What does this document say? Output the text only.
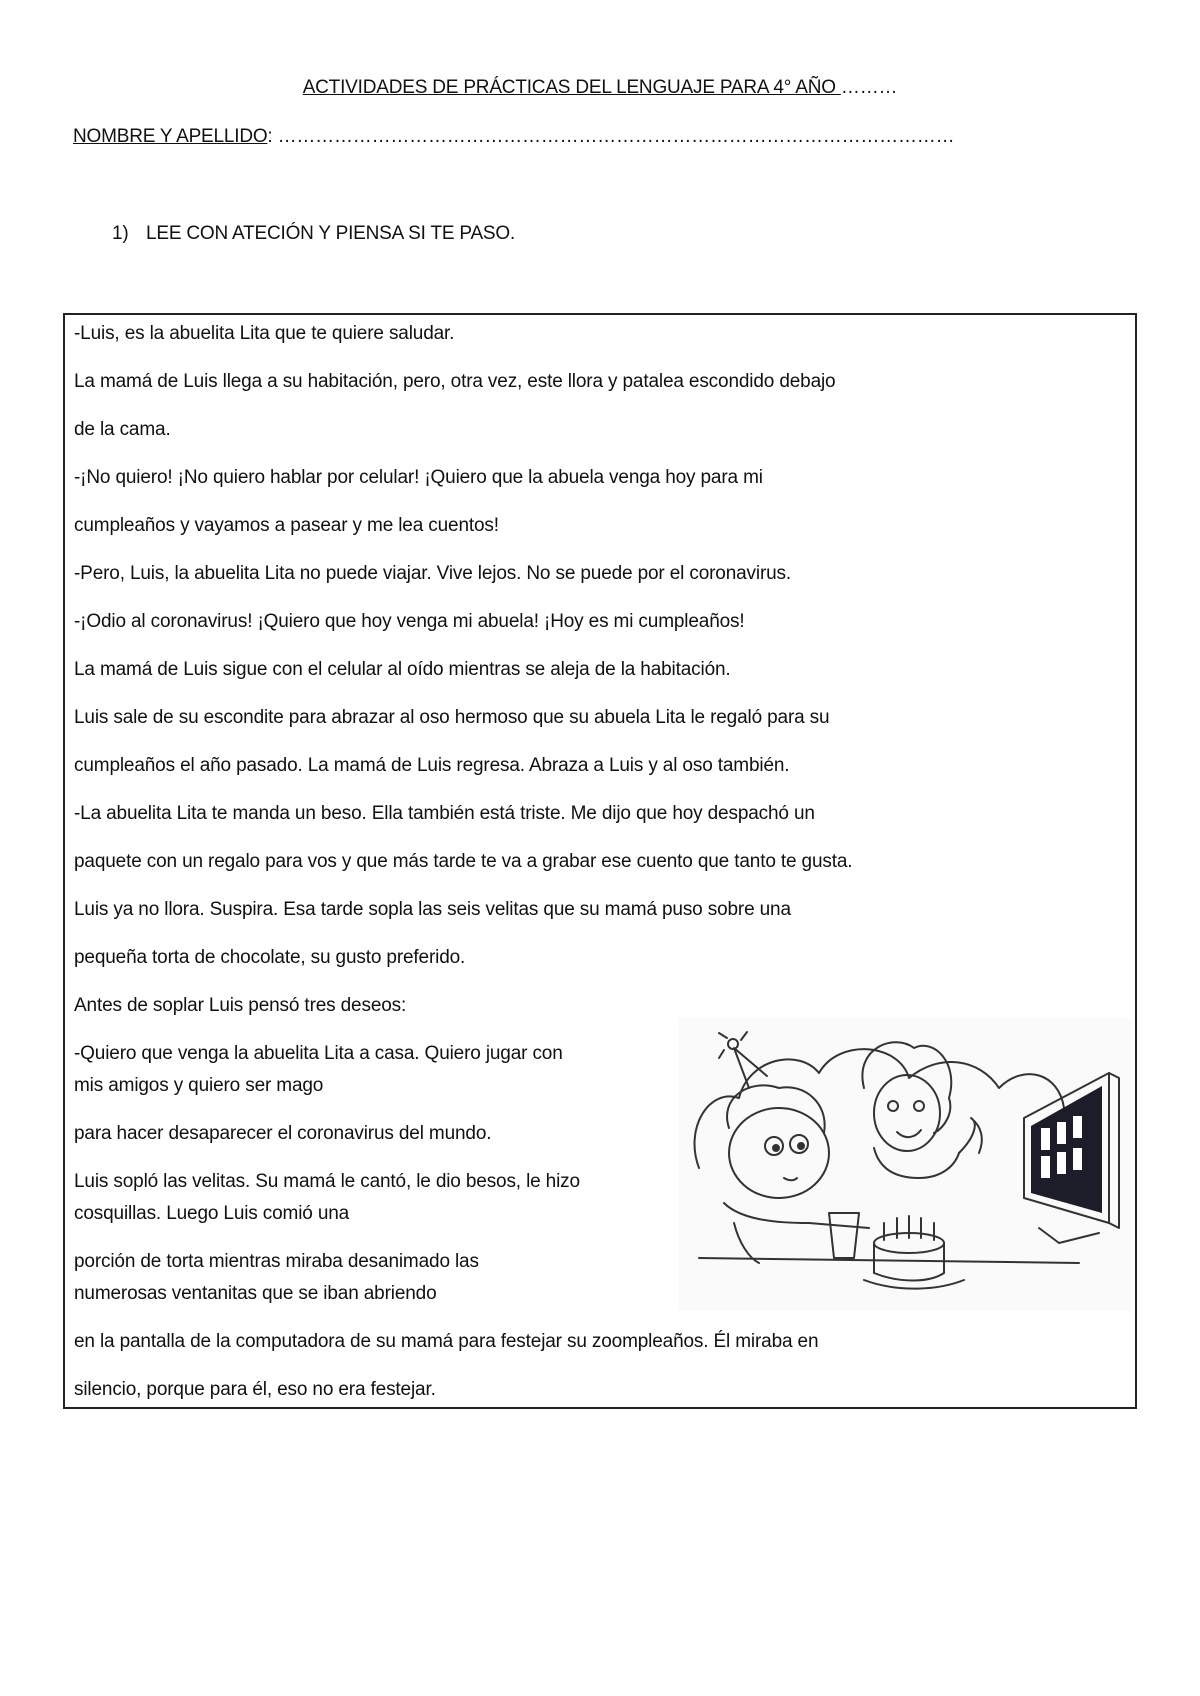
ACTIVIDADES DE PRÁCTICAS DEL LENGUAJE PARA 4° AÑO ………
NOMBRE Y APELLIDO: ………………………………………………………………………………………………
1) LEE CON ATECIÓN Y PIENSA SI TE PASO.
-Luis, es la abuelita Lita que te quiere saludar.
La mamá de Luis llega a su habitación, pero, otra vez, este llora y patalea escondido debajo
de la cama.
-¡No quiero! ¡No quiero hablar por celular! ¡Quiero que la abuela venga hoy para mi
cumpleaños y vayamos a pasear y me lea cuentos!
-Pero, Luis, la abuelita Lita no puede viajar. Vive lejos. No se puede por el coronavirus.
-¡Odio al coronavirus! ¡Quiero que hoy venga mi abuela! ¡Hoy es mi cumpleaños!
La mamá de Luis sigue con el celular al oído mientras se aleja de la habitación.
Luis sale de su escondite para abrazar al oso hermoso que su abuela Lita le regaló para su
cumpleaños el año pasado. La mamá de Luis regresa. Abraza a Luis y al oso también.
-La abuelita Lita te manda un beso. Ella también está triste. Me dijo que hoy despachó un
paquete con un regalo para vos y que más tarde te va a grabar ese cuento que tanto te gusta.
Luis ya no llora. Suspira. Esa tarde sopla las seis velitas que su mamá puso sobre una
pequeña torta de chocolate, su gusto preferido.
Antes de soplar Luis pensó tres deseos:
-Quiero que venga la abuelita Lita a casa. Quiero jugar con
mis amigos y quiero ser mago
para hacer desaparecer el coronavirus del mundo.
Luis sopló las velitas. Su mamá le cantó, le dio besos, le hizo
cosquillas. Luego Luis comió una
porción de torta mientras miraba desanimado las
numerosas ventanitas que se iban abriendo
en la pantalla de la computadora de su mamá para festejar su zoompleaños. Él miraba en
silencio, porque para él, eso no era festejar.
